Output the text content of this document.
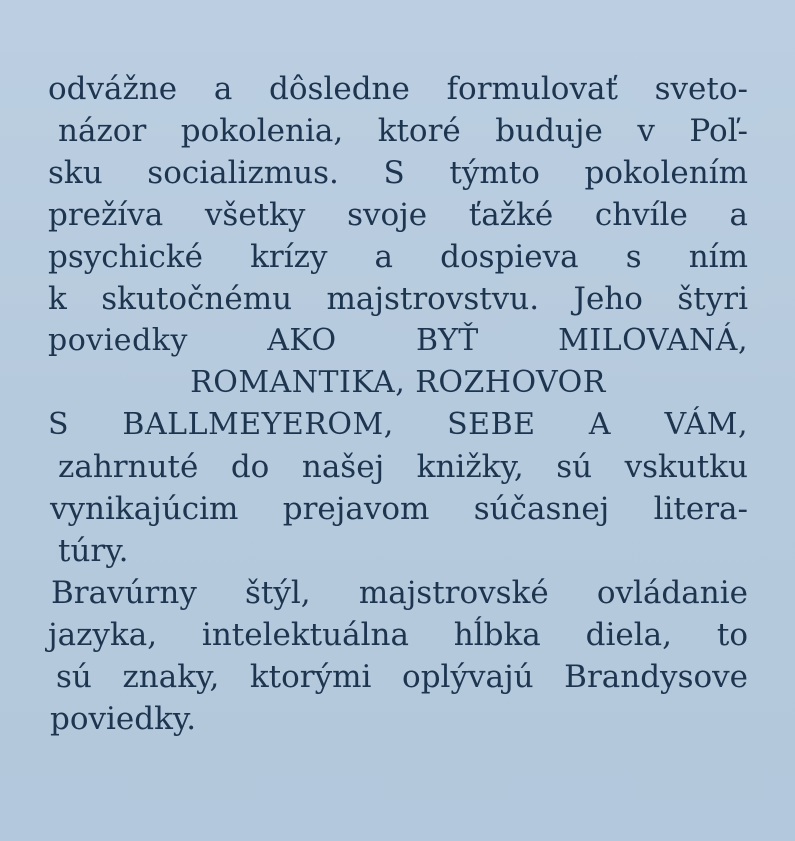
odvážne a dôsledne formulovať sveto-
názor pokolenia, ktoré buduje v Poľ-
sku socializmus. S týmto pokolením
prežíva všetky svoje ťažké chvíle a
psychické krízy a dospieva s ním
k skutočnému majstrovstvu. Jeho štyri
poviedky AKO BYŤ MILOVANÁ,
ROMANTIKA, ROZHOVOR
S BALLMEYEROM, SEBE A VÁM,
zahrnuté do našej knižky, sú vskutku
vynikajúcim prejavom súčasnej litera-
túry.
Bravúrny štýl, majstrovské ovládanie
jazyka, intelektuálna hĺbka diela, to
sú znaky, ktorými oplývajú Brandysove
poviedky.
